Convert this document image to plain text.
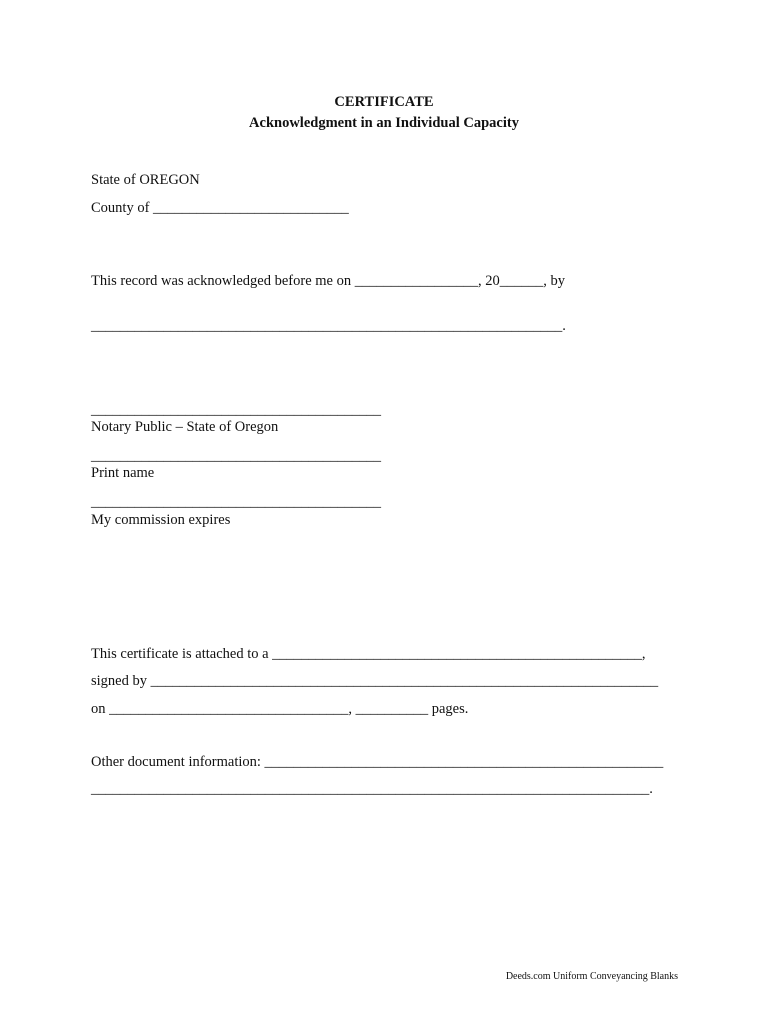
CERTIFICATE
Acknowledgment in an Individual Capacity
State of OREGON
County of ___________________________
This record was acknowledged before me on _________________, 20______, by
_________________________________________________________________.
________________________________________
Notary Public – State of Oregon
________________________________________
Print name
________________________________________
My commission expires
This certificate is attached to a ___________________________________________________,
signed by ______________________________________________________________________
on _________________________________, __________ pages.
Other document information: _______________________________________________________
_____________________________________________________________________________.
Deeds.com Uniform Conveyancing Blanks
